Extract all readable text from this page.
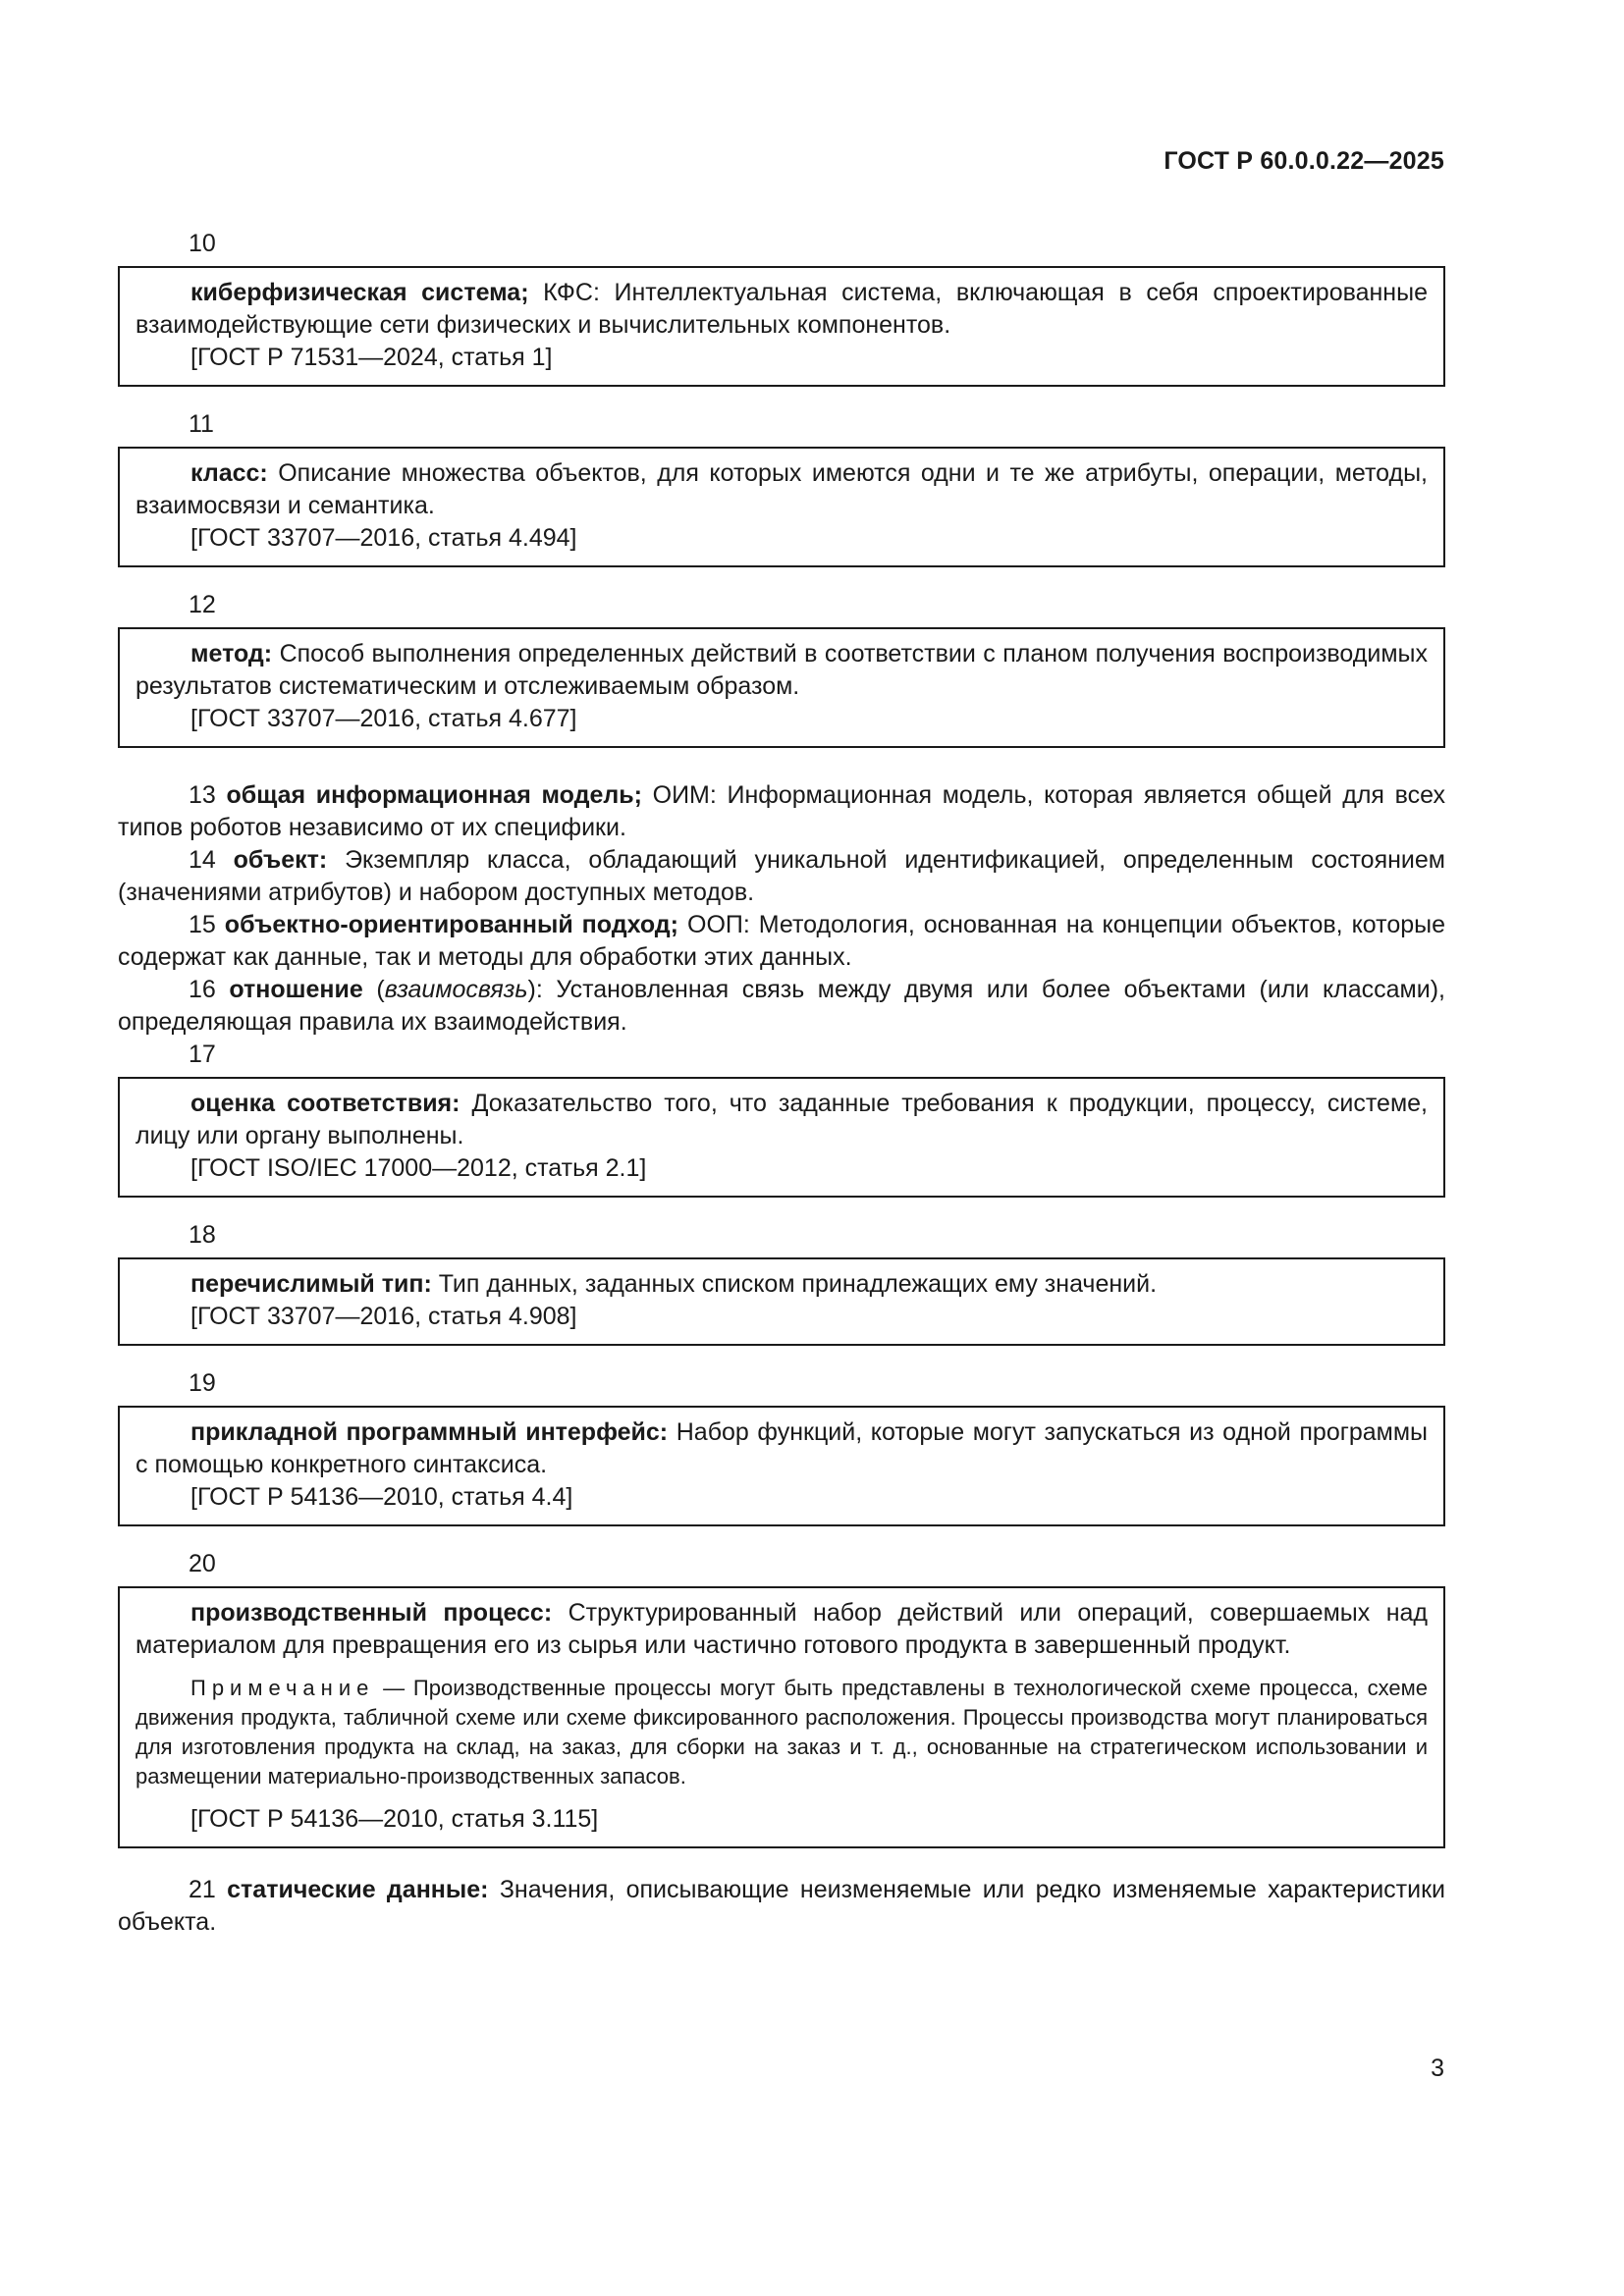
ГОСТ Р 60.0.0.22—2025
10

киберфизическая система; КФС: Интеллектуальная система, включающая в себя спроектированные взаимодействующие сети физических и вычислительных компонентов.

[ГОСТ Р 71531—2024, статья 1]

11

класс: Описание множества объектов, для которых имеются одни и те же атрибуты, операции, методы, взаимосвязи и семантика.

[ГОСТ 33707—2016, статья 4.494]

12

метод: Способ выполнения определенных действий в соответствии с планом получения воспроизводимых результатов систематическим и отслеживаемым образом.

[ГОСТ 33707—2016, статья 4.677]

13 общая информационная модель; ОИМ: Информационная модель, которая является общей для всех типов роботов независимо от их специфики.

14 объект: Экземпляр класса, обладающий уникальной идентификацией, определенным состоянием (значениями атрибутов) и набором доступных методов.

15 объектно-ориентированный подход; ООП: Методология, основанная на концепции объектов, которые содержат как данные, так и методы для обработки этих данных.

16 отношение (взаимосвязь): Установленная связь между двумя или более объектами (или классами), определяющая правила их взаимодействия.

17

оценка соответствия: Доказательство того, что заданные требования к продукции, процессу, системе, лицу или органу выполнены.

[ГОСТ ISO/IEC 17000—2012, статья 2.1]

18

перечислимый тип: Тип данных, заданных списком принадлежащих ему значений.

[ГОСТ 33707—2016, статья 4.908]

19

прикладной программный интерфейс: Набор функций, которые могут запускаться из одной программы с помощью конкретного синтаксиса.

[ГОСТ Р 54136—2010, статья 4.4]

20

производственный процесс: Структурированный набор действий или операций, совершаемых над материалом для превращения его из сырья или частично готового продукта в завершенный продукт.

Примечание — Производственные процессы могут быть представлены в технологической схеме процесса, схеме движения продукта, табличной схеме или схеме фиксированного расположения. Процессы производства могут планироваться для изготовления продукта на склад, на заказ, для сборки на заказ и т. д., основанные на стратегическом использовании и размещении материально-производственных запасов.

[ГОСТ Р 54136—2010, статья 3.115]

21 статические данные: Значения, описывающие неизменяемые или редко изменяемые характеристики объекта.

3
